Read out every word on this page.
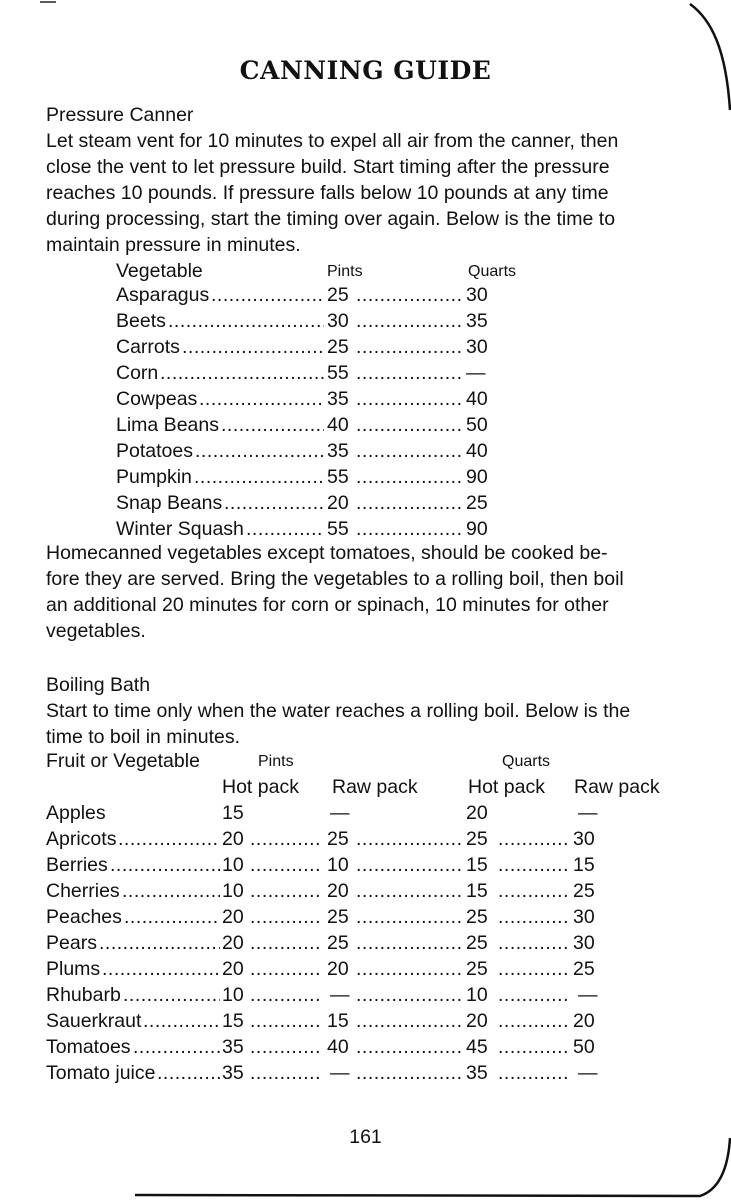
CANNING GUIDE
Pressure Canner
Let steam vent for 10 minutes to expel all air from the canner, then
close the vent to let pressure build. Start timing after the pressure
reaches 10 pounds. If pressure falls below 10 pounds at any time
during processing, start the timing over again. Below is the time to
maintain pressure in minutes.
Vegetable	Pints	Quarts
Asparagus .....	25 .....	30
Beets .....	30 .....	35
Carrots .....	25 .....	30
Corn .....	55 .....	—
Cowpeas .....	35 .....	40
Lima Beans .....	40 .....	50
Potatoes .....	35 .....	40
Pumpkin .....	55 .....	90
Snap Beans .....	20 .....	25
Winter Squash .....	55 .....	90
Homecanned vegetables except tomatoes, should be cooked be-
fore they are served. Bring the vegetables to a rolling boil, then boil
an additional 20 minutes for corn or spinach, 10 minutes for other
vegetables.
Boiling Bath
Start to time only when the water reaches a rolling boil. Below is the
time to boil in minutes.
Fruit or Vegetable	Pints	Quarts
Hot pack Raw pack	Hot pack Raw pack
Apples	15	—	20	—
Apricots ..... ..... ..... .....	20	25	25	30
Berries ..... ..... ..... .....	10	10	15	15
Cherries ..... ..... ..... .....	10	20	15	25
Peaches ..... ..... ..... .....	20	25	25	30
Pears ..... ..... ..... .....	20	25	25	30
Plums ..... ..... ..... .....	20	20	25	25
Rhubarb ..... ..... ..... .....	10	—	10	—
Sauerkraut ..... ..... ..... .....	15	15	20	20
Tomatoes ..... ..... ..... .....	35	40	45	50
Tomato juice ..... ..... ..... .....	35	—	35	—
161
